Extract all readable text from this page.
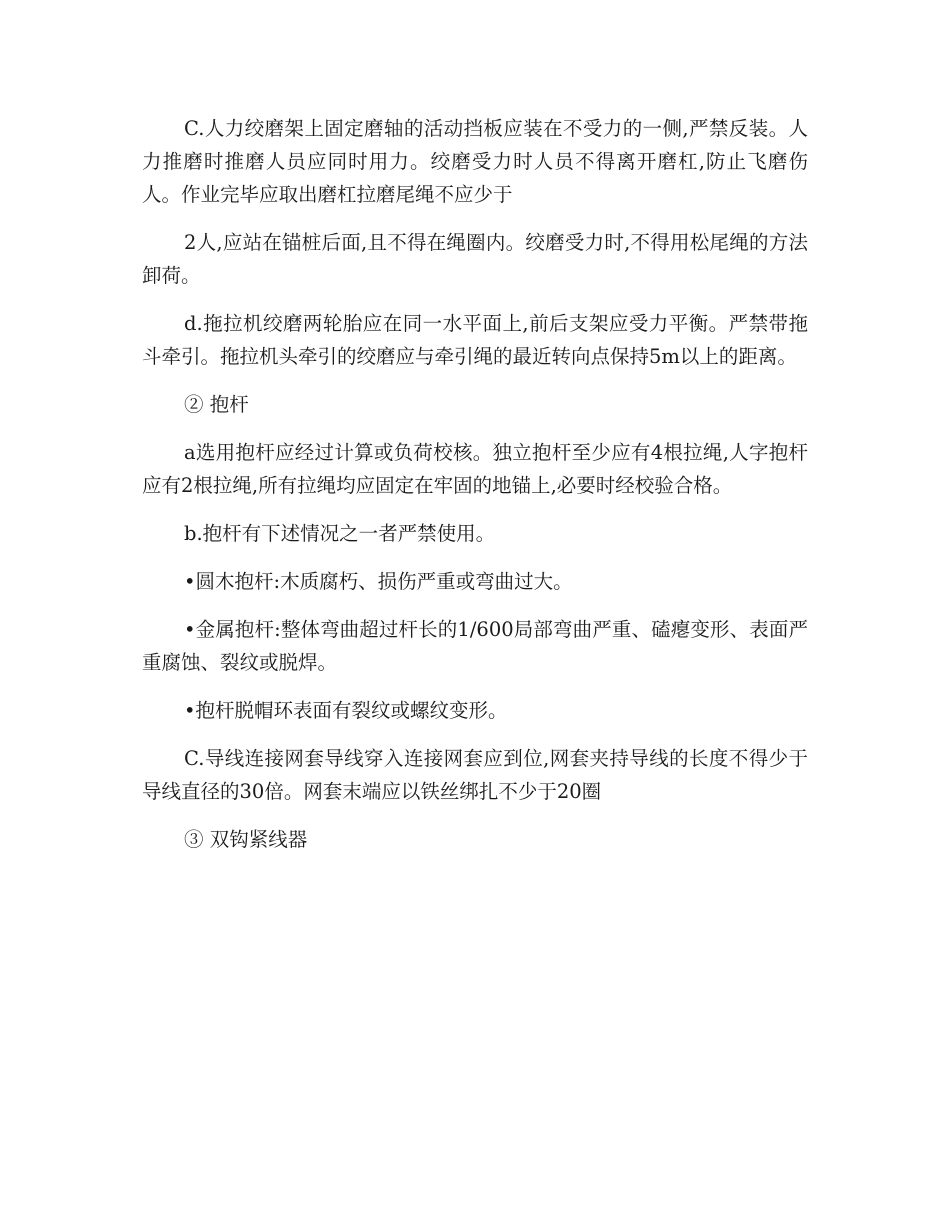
C.人力绞磨架上固定磨轴的活动挡板应装在不受力的一侧,严禁反装。人力推磨时推磨人员应同时用力。绞磨受力时人员不得离开磨杠,防止飞磨伤人。作业完毕应取出磨杠拉磨尾绳不应少于

2人,应站在锚桩后面,且不得在绳圈内。绞磨受力时,不得用松尾绳的方法卸荷。

d.拖拉机绞磨两轮胎应在同一水平面上,前后支架应受力平衡。严禁带拖斗牵引。拖拉机头牵引的绞磨应与牵引绳的最近转向点保持5m以上的距离。

② 抱杆

a选用抱杆应经过计算或负荷校核。独立抱杆至少应有4根拉绳,人字抱杆应有2根拉绳,所有拉绳均应固定在牢固的地锚上,必要时经校验合格。

b.抱杆有下述情况之一者严禁使用。

•圆木抱杆:木质腐朽、损伤严重或弯曲过大。

•金属抱杆:整体弯曲超过杆长的1/600局部弯曲严重、磕瘪变形、表面严重腐蚀、裂纹或脱焊。

•抱杆脱帽环表面有裂纹或螺纹变形。

C.导线连接网套导线穿入连接网套应到位,网套夹持导线的长度不得少于导线直径的30倍。网套末端应以铁丝绑扎不少于20圈

③ 双钩紧线器
